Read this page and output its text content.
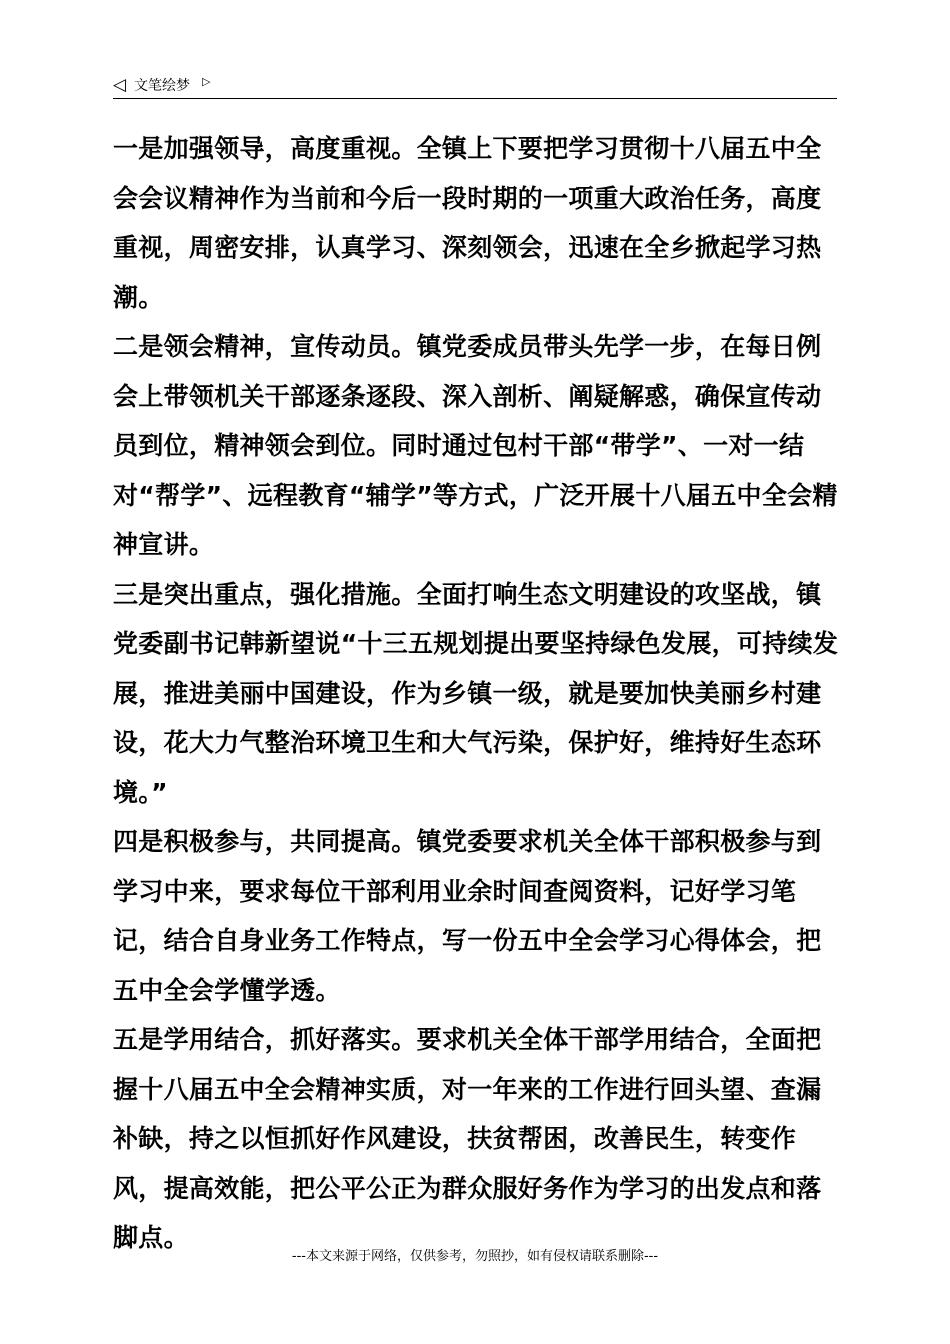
◁ 文笔绘梦 ▷

一是加强领导，高度重视。全镇上下要把学习贯彻十八届五中全会会议精神作为当前和今后一段时期的一项重大政治任务，高度重视，周密安排，认真学习、深刻领会，迅速在全乡掀起学习热潮。

二是领会精神，宣传动员。镇党委成员带头先学一步，在每日例会上带领机关干部逐条逐段、深入剖析、阐疑解惑，确保宣传动员到位，精神领会到位。同时通过包村干部“带学”、一对一结对“帮学”、远程教育“辅学”等方式，广泛开展十八届五中全会精神宣讲。

三是突出重点，强化措施。全面打响生态文明建设的攻坚战，镇党委副书记韩新望说“十三五规划提出要坚持绿色发展，可持续发展，推进美丽中国建设，作为乡镇一级，就是要加快美丽乡村建设，花大力气整治环境卫生和大气污染，保护好，维持好生态环境。”

四是积极参与，共同提高。镇党委要求机关全体干部积极参与到学习中来，要求每位干部利用业余时间查阅资料，记好学习笔记，结合自身业务工作特点，写一份五中全会学习心得体会，把五中全会学懂学透。

五是学用结合，抓好落实。要求机关全体干部学用结合，全面把握十八届五中全会精神实质，对一年来的工作进行回头望、查漏补缺，持之以恒抓好作风建设，扶贫帮困，改善民生，转变作风，提高效能，把公平公正为群众服好务作为学习的出发点和落脚点。

---本文来源于网络，仅供参考，勿照抄，如有侵权请联系删除---
